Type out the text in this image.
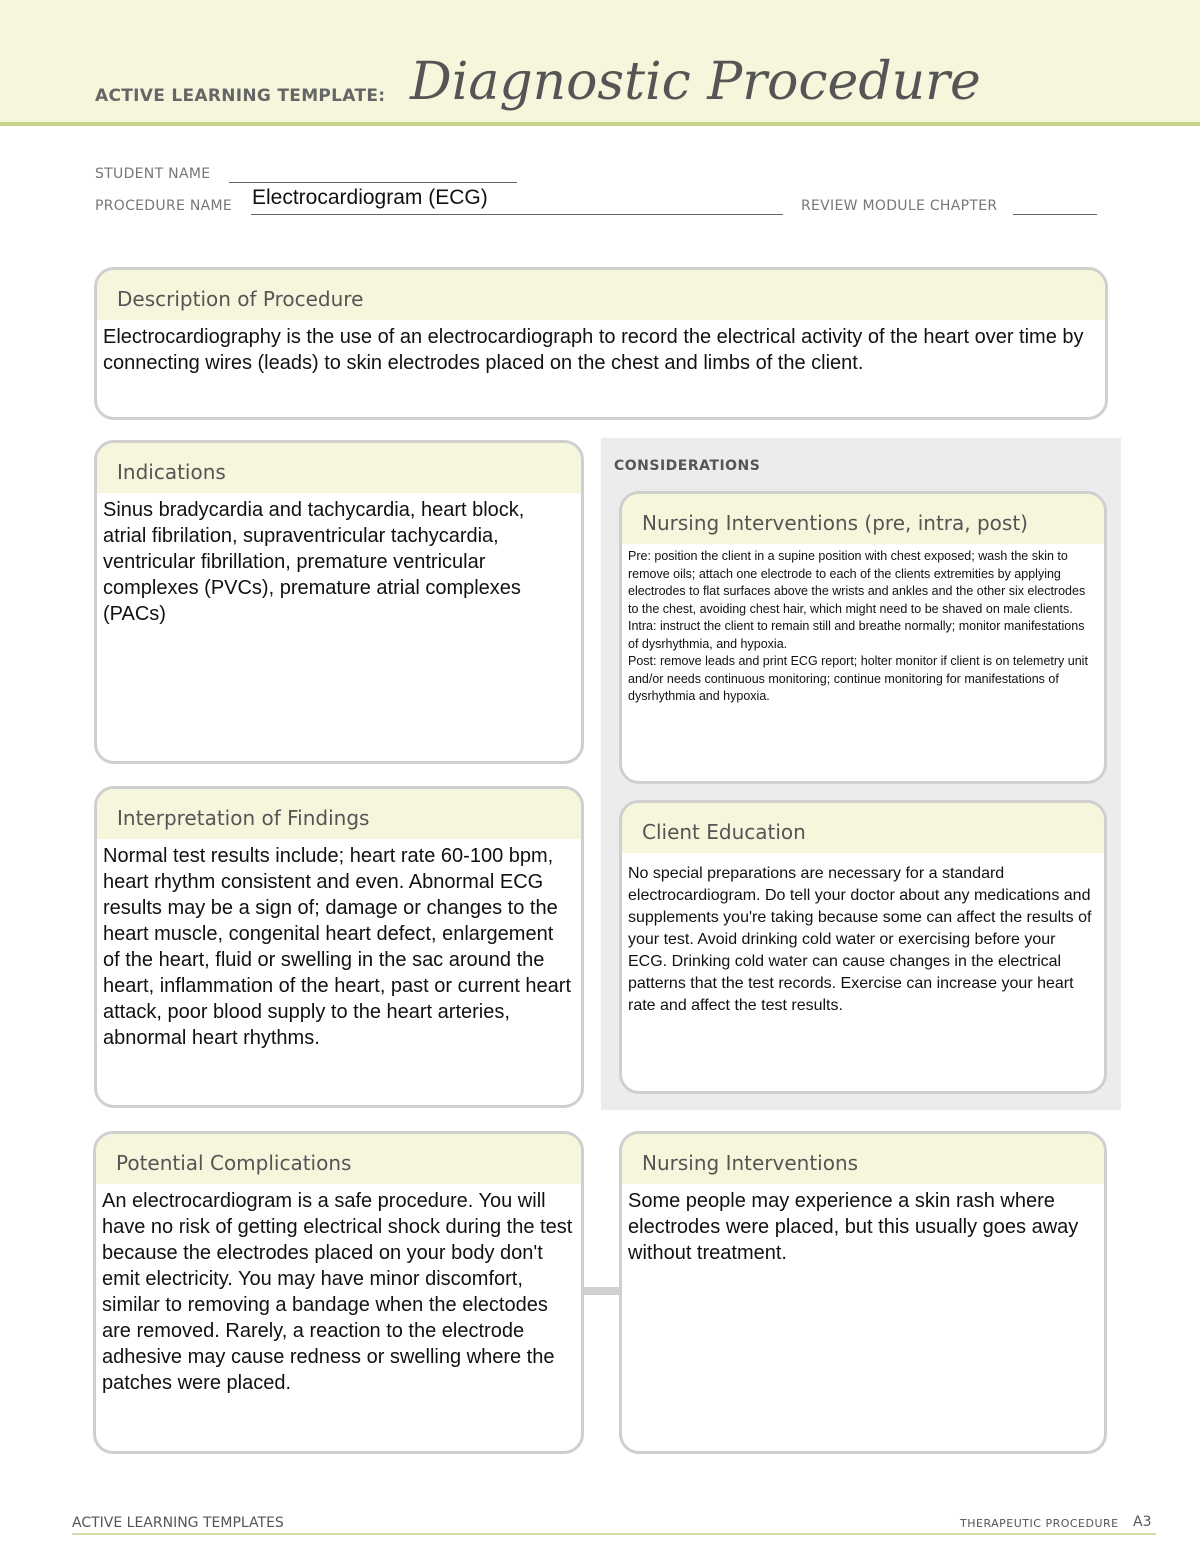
ACTIVE LEARNING TEMPLATE: Diagnostic Procedure
STUDENT NAME
PROCEDURE NAME Electrocardiogram (ECG)	REVIEW MODULE CHAPTER
Description of Procedure
Electrocardiography is the use of an electrocardiograph to record the electrical activity of the heart over time by connecting wires (leads) to skin electrodes placed on the chest and limbs of the client.
CONSIDERATIONS
Indications
Sinus bradycardia and tachycardia, heart block, atrial fibrilation, supraventricular tachycardia, ventricular fibrillation, premature ventricular complexes (PVCs), premature atrial complexes (PACs)
Nursing Interventions (pre, intra, post)
Pre: position the client in a supine position with chest exposed; wash the skin to remove oils; attach one electrode to each of the clients extremities by applying electrodes to flat surfaces above the wrists and ankles and the other six electrodes to the chest, avoiding chest hair, which might need to be shaved on male clients.
Intra: instruct the client to remain still and breathe normally; monitor manifestations of dysrhythmia, and hypoxia.
Post: remove leads and print ECG report; holter monitor if client is on telemetry unit and/or needs continuous monitoring; continue monitoring for manifestations of dysrhythmia and hypoxia.
Interpretation of Findings
Normal test results include; heart rate 60-100 bpm, heart rhythm consistent and even. Abnormal ECG results may be a sign of; damage or changes to the heart muscle, congenital heart defect, enlargement of the heart, fluid or swelling in the sac around the heart, inflammation of the heart, past or current heart attack, poor blood supply to the heart arteries, abnormal heart rhythms.
Client Education
No special preparations are necessary for a standard electrocardiogram. Do tell your doctor about any medications and supplements you're taking because some can affect the results of your test. Avoid drinking cold water or exercising before your ECG. Drinking cold water can cause changes in the electrical patterns that the test records. Exercise can increase your heart rate and affect the test results.
Potential Complications
An electrocardiogram is a safe procedure. You will have no risk of getting electrical shock during the test because the electrodes placed on your body don't emit electricity. You may have minor discomfort, similar to removing a bandage when the electodes are removed. Rarely, a reaction to the electrode adhesive may cause redness or swelling where the patches were placed.
Nursing Interventions
Some people may experience a skin rash where electrodes were placed, but this usually goes away without treatment.
ACTIVE LEARNING TEMPLATES	THERAPEUTIC PROCEDURE A3
